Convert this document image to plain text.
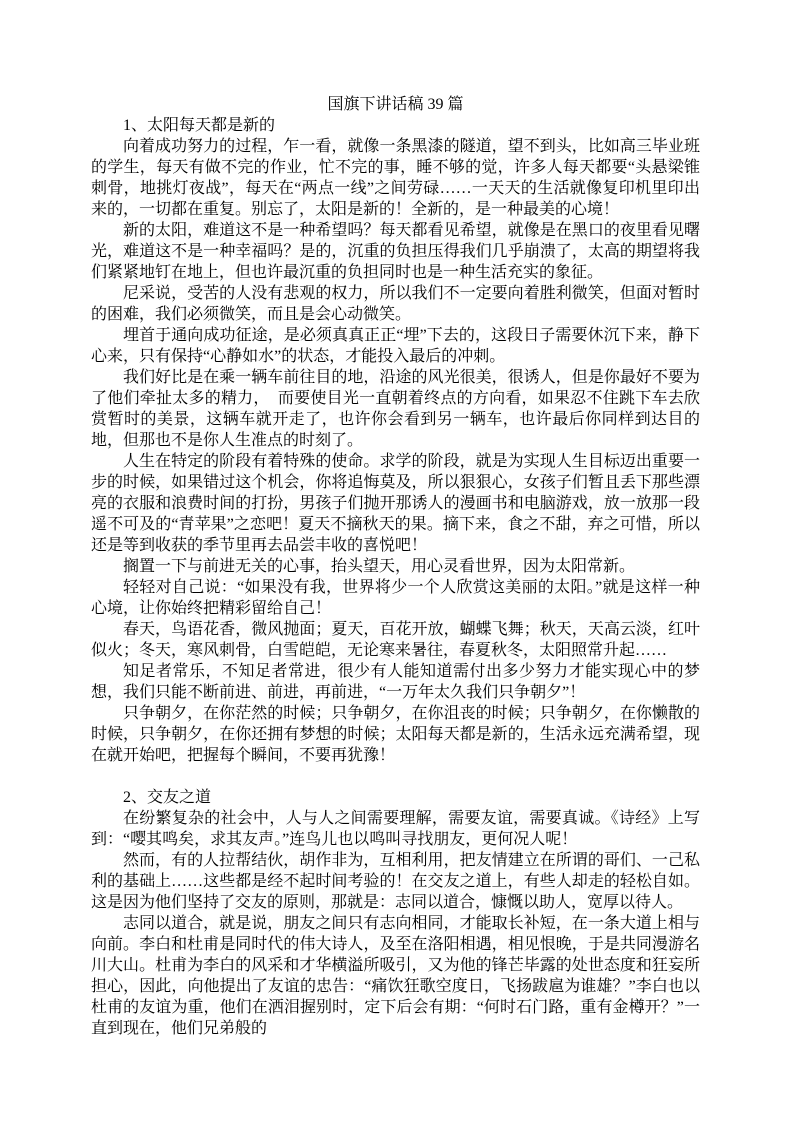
国旗下讲话稿 39 篇

1、太阳每天都是新的

向着成功努力的过程，乍一看，就像一条黑漆的隧道，望不到头，比如高三毕业班的学生，每天有做不完的作业，忙不完的事，睡不够的觉，许多人每天都要“头悬梁锥刺骨，地挑灯夜战”，每天在“两点一线”之间劳碌……一天天的生活就像复印机里印出来的，一切都在重复。别忘了，太阳是新的！全新的，是一种最美的心境！

新的太阳，难道这不是一种希望吗？每天都看见希望，就像是在黑口的夜里看见曙光，难道这不是一种幸福吗？是的，沉重的负担压得我们几乎崩溃了，太高的期望将我们紧紧地钉在地上，但也许最沉重的负担同时也是一种生活充实的象征。

尼采说，受苦的人没有悲观的权力，所以我们不一定要向着胜利微笑，但面对暂时的困难，我们必须微笑，而且是会心动微笑。

埋首于通向成功征途，是必须真真正正“埋”下去的，这段日子需要休沉下来，静下心来，只有保持“心静如水”的状态，才能投入最后的冲刺。

我们好比是在乘一辆车前往目的地，沿途的风光很美，很诱人，但是你最好不要为了他们牵扯太多的精力，　而要使目光一直朝着终点的方向看，如果忍不住跳下车去欣赏暂时的美景，这辆车就开走了，也许你会看到另一辆车，也许最后你同样到达目的地，但那也不是你人生准点的时刻了。

人生在特定的阶段有着特殊的使命。求学的阶段，就是为实现人生目标迈出重要一步的时候，如果错过这个机会，你将追悔莫及，所以狠狠心，女孩子们暂且丢下那些漂亮的衣服和浪费时间的打扮，男孩子们抛开那诱人的漫画书和电脑游戏，放一放那一段遥不可及的“青苹果”之恋吧！夏天不摘秋天的果。摘下来，食之不甜，弃之可惜，所以还是等到收获的季节里再去品尝丰收的喜悦吧！

搁置一下与前进无关的心事，抬头望天，用心灵看世界，因为太阳常新。

轻轻对自己说：“如果没有我，世界将少一个人欣赏这美丽的太阳。”就是这样一种心境，让你始终把精彩留给自己！

春天，鸟语花香，微风抛面；夏天，百花开放，蝴蝶飞舞；秋天，天高云淡，红叶似火；冬天，寒风刺骨，白雪皑皑，无论寒来暑往，春夏秋冬，太阳照常升起……

知足者常乐，不知足者常进，很少有人能知道需付出多少努力才能实现心中的梦想，我们只能不断前进、前进，再前进，“一万年太久我们只争朝夕”！

只争朝夕，在你茫然的时候；只争朝夕，在你沮丧的时候；只争朝夕，在你懒散的时候，只争朝夕，在你还拥有梦想的时候；太阳每天都是新的，生活永远充满希望，现在就开始吧，把握每个瞬间，不要再犹豫！

2、交友之道

在纷繁复杂的社会中，人与人之间需要理解，需要友谊，需要真诚。《诗经》上写到：“嘤其鸣矣，求其友声。”连鸟儿也以鸣叫寻找朋友，更何况人呢！

然而，有的人拉帮结伙，胡作非为，互相利用，把友情建立在所谓的哥们、一己私利的基础上……这些都是经不起时间考验的！在交友之道上，有些人却走的轻松自如。这是因为他们坚持了交友的原则，那就是：志同以道合，慷慨以助人，宽厚以待人。

志同以道合，就是说，朋友之间只有志向相同，才能取长补短，在一条大道上相与向前。李白和杜甫是同时代的伟大诗人，及至在洛阳相遇，相见恨晚，于是共同漫游名川大山。杜甫为李白的风采和才华横溢所吸引，又为他的锋芒毕露的处世态度和狂妄所担心，因此，向他提出了友谊的忠告：“痛饮狂歌空度日，飞扬跋扈为谁雄？”李白也以杜甫的友谊为重，他们在洒泪握别时，定下后会有期：“何时石门路，重有金樽开？”一直到现在，他们兄弟般的
